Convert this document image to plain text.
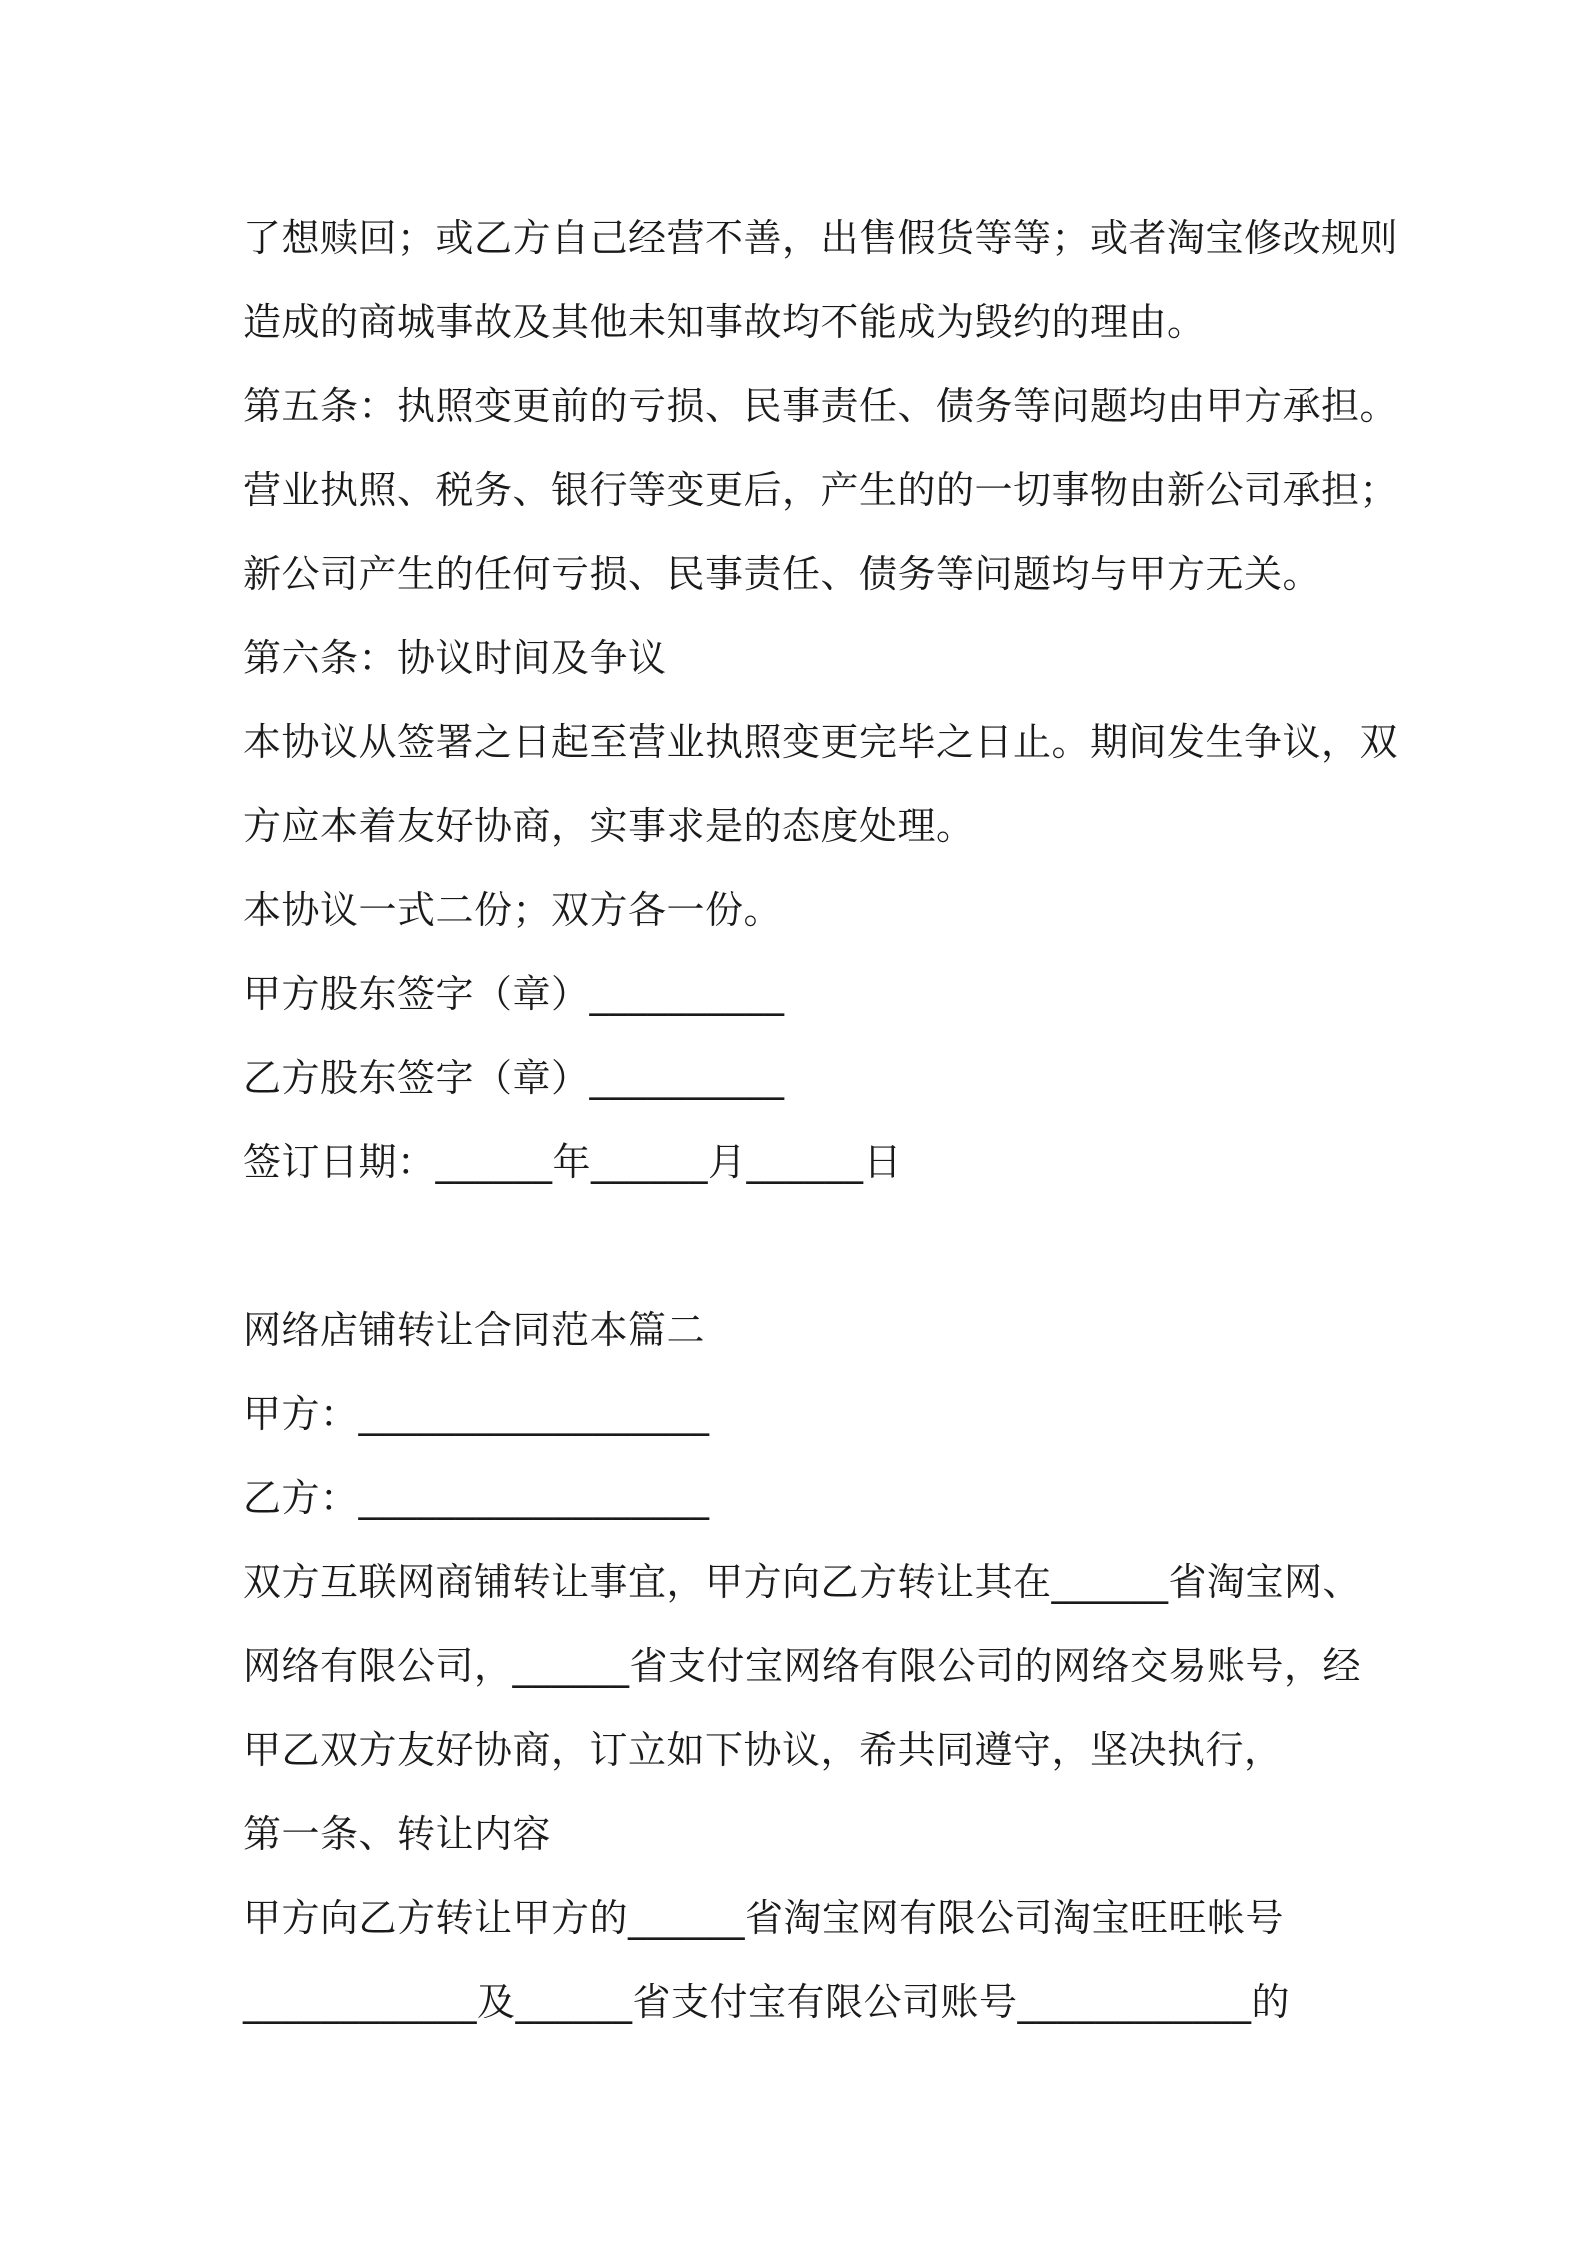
了想赎回；或乙方自己经营不善，出售假货等等；或者淘宝修改规则
造成的商城事故及其他未知事故均不能成为毁约的理由。
第五条：执照变更前的亏损、民事责任、债务等问题均由甲方承担。
营业执照、税务、银行等变更后，产生的的一切事物由新公司承担；
新公司产生的任何亏损、民事责任、债务等问题均与甲方无关。
第六条：协议时间及争议
本协议从签署之日起至营业执照变更完毕之日止。期间发生争议，双
方应本着友好协商，实事求是的态度处理。
本协议一式二份；双方各一份。
甲方股东签字（章）__________
乙方股东签字（章）__________
签订日期：______年______月______日
网络店铺转让合同范本篇二
甲方：__________________
乙方：__________________
双方互联网商铺转让事宜，甲方向乙方转让其在______省淘宝网、
网络有限公司，______省支付宝网络有限公司的网络交易账号，经
甲乙双方友好协商，订立如下协议，希共同遵守，坚决执行，
第一条、转让内容
甲方向乙方转让甲方的______省淘宝网有限公司淘宝旺旺帐号
____________及______省支付宝有限公司账号____________的
